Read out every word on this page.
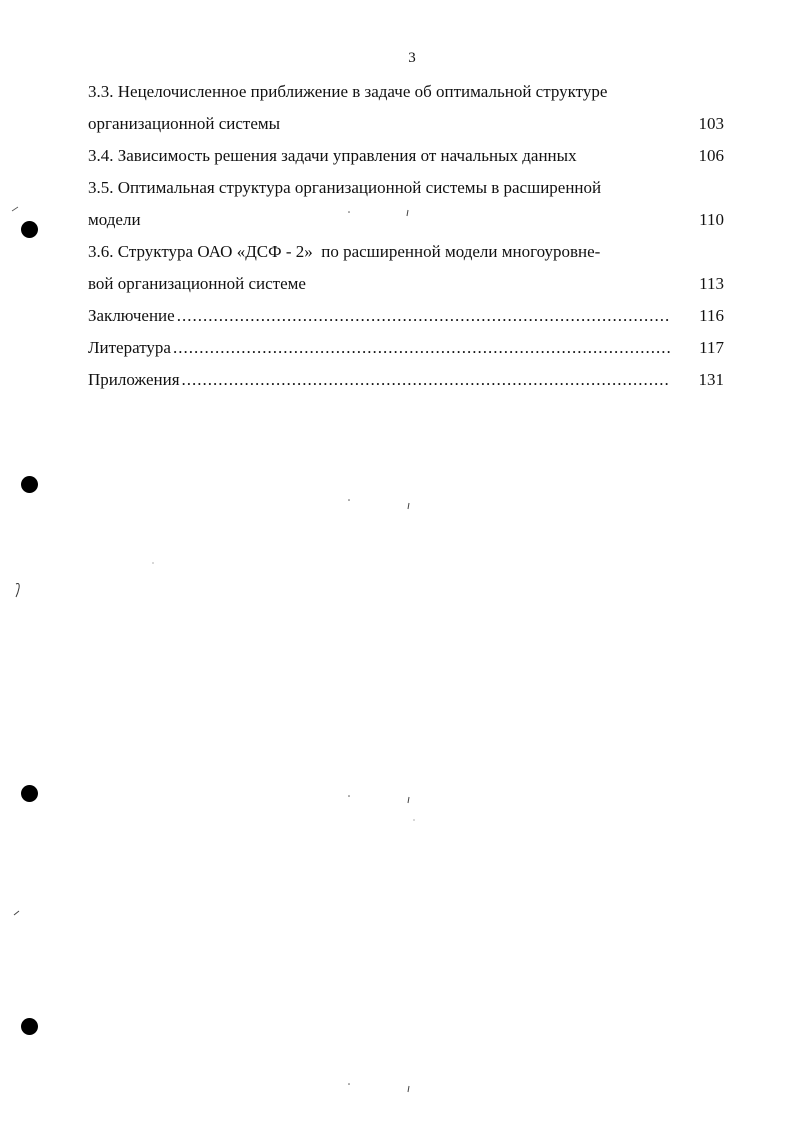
3
3.3. Нецелочисленное приближение в задаче об оптимальной структуре
организационной системы	103
3.4. Зависимость решения задачи управления от начальных данных	106
3.5. Оптимальная структура организационной системы в расширенной
модели	110
3.6. Структура ОАО «ДСФ - 2»  по расширенной модели многоуровне-
вой организационной системе	113
Заключение .....	116
Литература .....	117
Приложения .....	131
